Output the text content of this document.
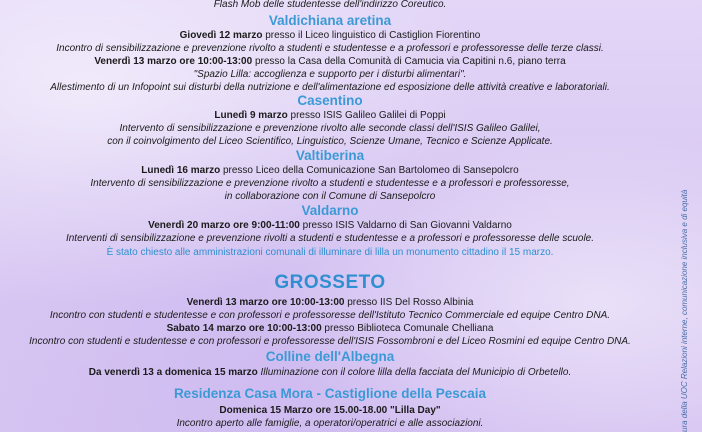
Flash Mob delle studentesse dell'indirizzo Coreutico.
Valdichiana aretina
Giovedì 12 marzo presso il Liceo linguistico di Castiglion Fiorentino
Incontro di sensibilizzazione e prevenzione rivolto a studenti e studentesse e a professori e professoresse delle terze classi.
Venerdì 13 marzo ore 10:00-13:00 presso la Casa della Comunità di Camucia via Capitini n.6, piano terra
"Spazio Lilla: accoglienza e supporto per i disturbi alimentari".
Allestimento di un Infopoint sui disturbi della nutrizione e dell'alimentazione ed esposizione delle attività creative e laboratoriali.
Casentino
Lunedì 9 marzo presso ISIS Galileo Galilei di Poppi
Intervento di sensibilizzazione e prevenzione rivolto alle seconde classi dell'ISIS Galileo Galilei,
con il coinvolgimento del Liceo Scientifico, Linguistico, Scienze Umane, Tecnico e Scienze Applicate.
Valtiberina
Lunedì 16 marzo presso Liceo della Comunicazione San Bartolomeo di Sansepolcro
Intervento di sensibilizzazione e prevenzione rivolto a studenti e studentesse e a professori e professoresse,
in collaborazione con il Comune di Sansepolcro
Valdarno
Venerdì 20 marzo ore 9:00-11:00 presso ISIS Valdarno di San Giovanni Valdarno
Interventi di sensibilizzazione e prevenzione rivolti a studenti e studentesse e a professori e professoresse delle scuole.
È stato chiesto alle amministrazioni comunali di illuminare di lilla un monumento cittadino il 15 marzo.
GROSSETO
Venerdì 13 marzo ore 10:00-13:00 presso IIS Del Rosso Albinia
Incontro con studenti e studentesse e con professori e professoresse dell'Istituto Tecnico Commerciale ed equipe Centro DNA.
Sabato 14 marzo ore 10:00-13:00 presso Biblioteca Comunale Chelliana
Incontro con studenti e studentesse e con professori e professoresse dell'ISIS Fossombroni e del Liceo Rosmini ed equipe Centro DNA.
Colline dell'Albegna
Da venerdì 13 a domenica 15 marzo Illuminazione con il colore lilla della facciata del Municipio di Orbetello.
Residenza Casa Mora - Castiglione della Pescaia
Domenica 15 Marzo ore 15.00-18.00 "Lilla Day"
Incontro aperto alle famiglie, a operatori/operatrici e alle associazioni.	ura della UOC Relazioni interne, comunicazione inclusiva e di equità
